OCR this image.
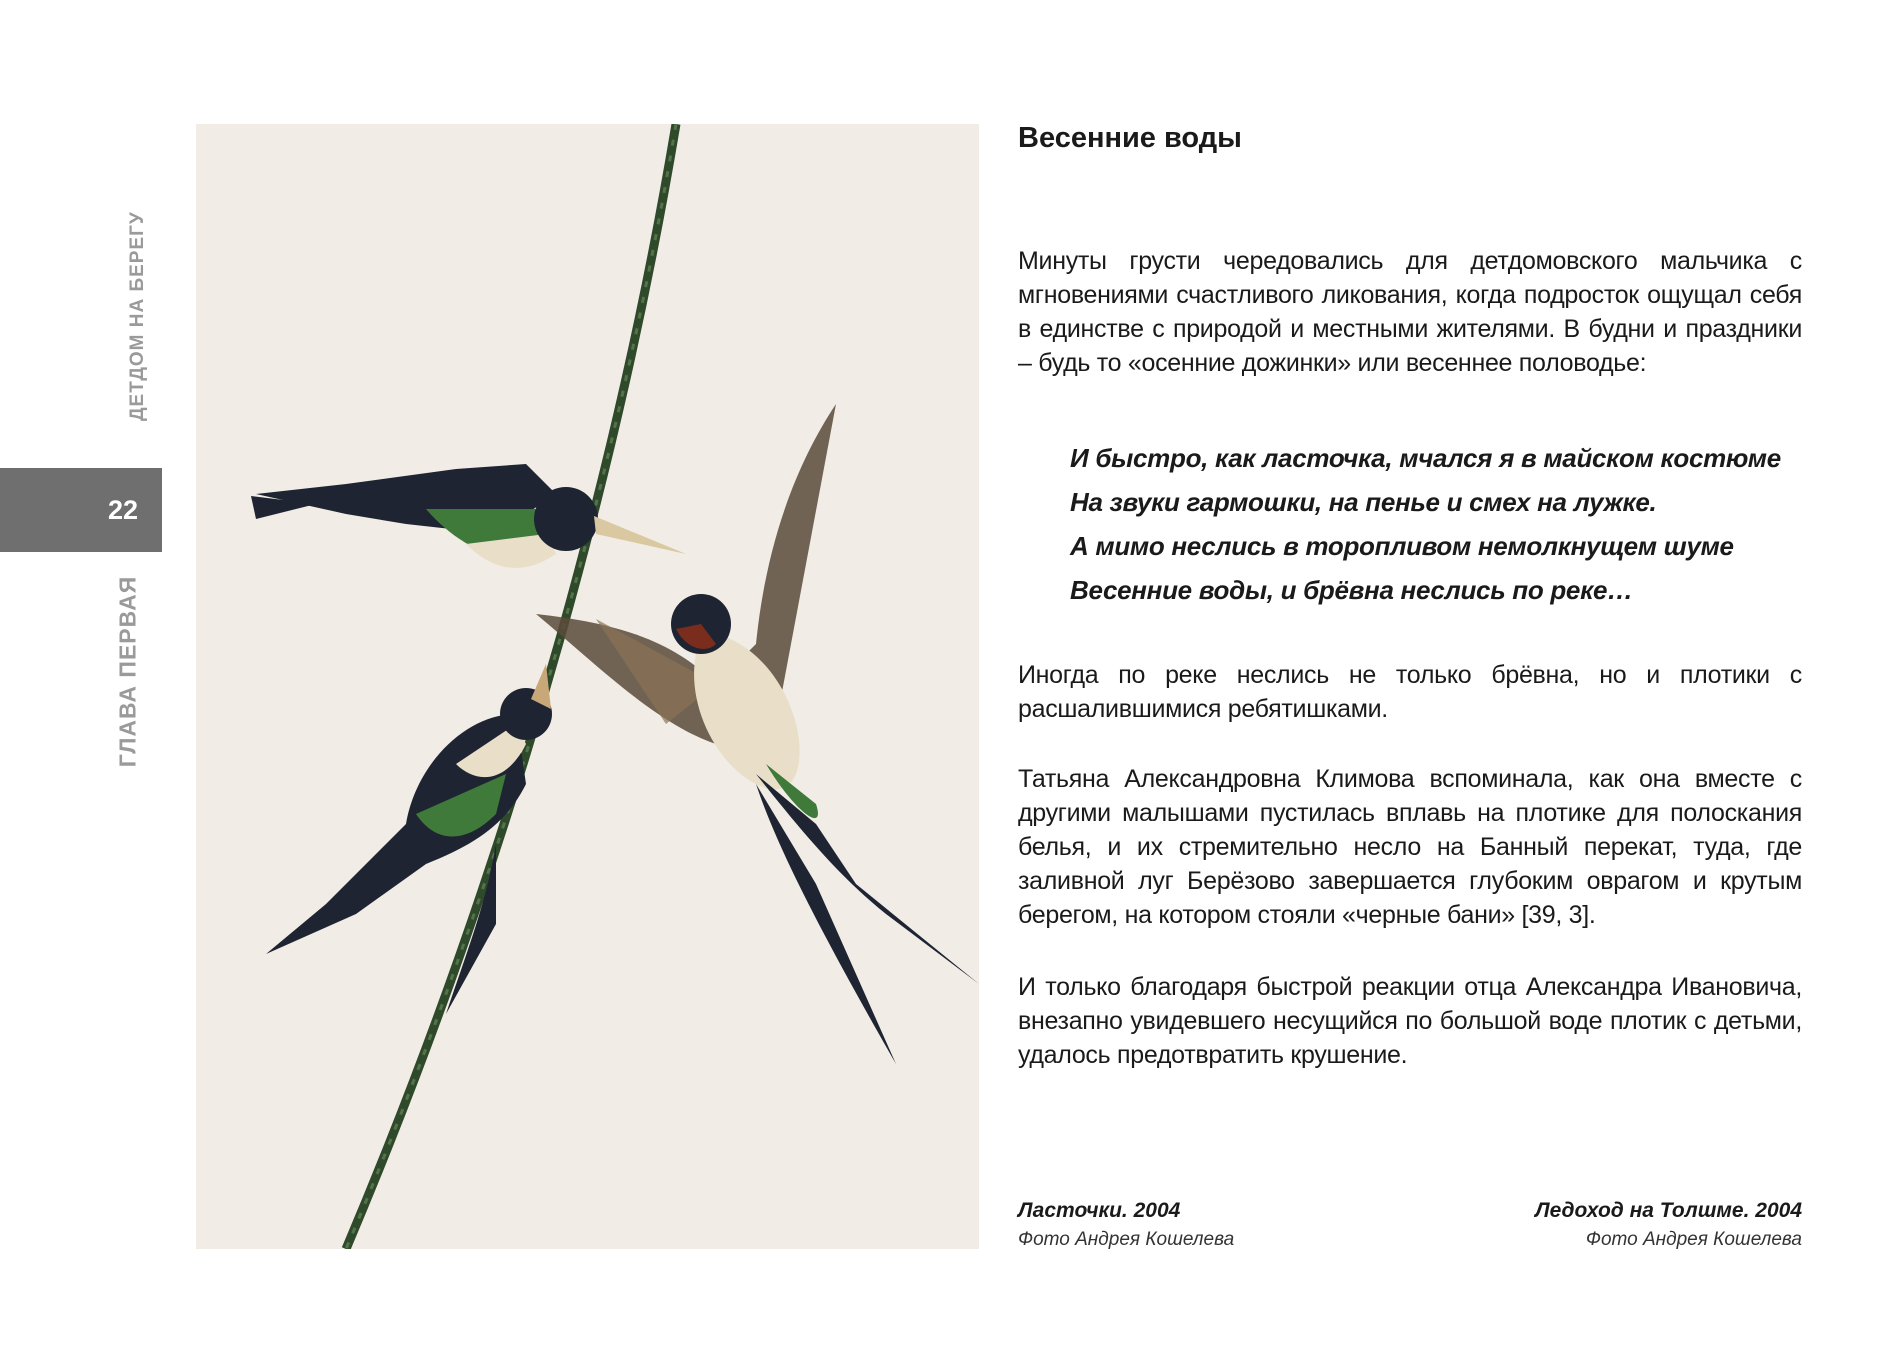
ДЕТДОМ НА БЕРЕГУ
22
ГЛАВА ПЕРВАЯ
Весенние воды

Минуты грусти чередовались для детдомовского мальчика с мгновениями счастливого ликования, когда подросток ощущал себя в единстве с природой и местными жителями. В будни и праздники – будь то «осенние дожинки» или весеннее половодье:

И быстро, как ласточка, мчался я в майском костюме
На звуки гармошки, на пенье и смех на лужке.
А мимо неслись в торопливом немолкнущем шуме
Весенние воды, и брёвна неслись по реке…

Иногда по реке неслись не только брёвна, но и плотики с расшалившимися ребятишками.

Татьяна Александровна Климова вспоминала, как она вместе с другими малышами пустилась вплавь на плотике для полоскания белья, и их стремительно несло на Банный перекат, туда, где заливной луг Берёзово завершается глубоким оврагом и крутым берегом, на котором стояли «черные бани» [39, 3].

И только благодаря быстрой реакции отца Александра Ивановича, внезапно увидевшего несущийся по большой воде плотик с детьми, удалось предотвратить крушение.

Ласточки. 2004
Фото Андрея Кошелева
Ледоход на Толшме. 2004
Фото Андрея Кошелева
